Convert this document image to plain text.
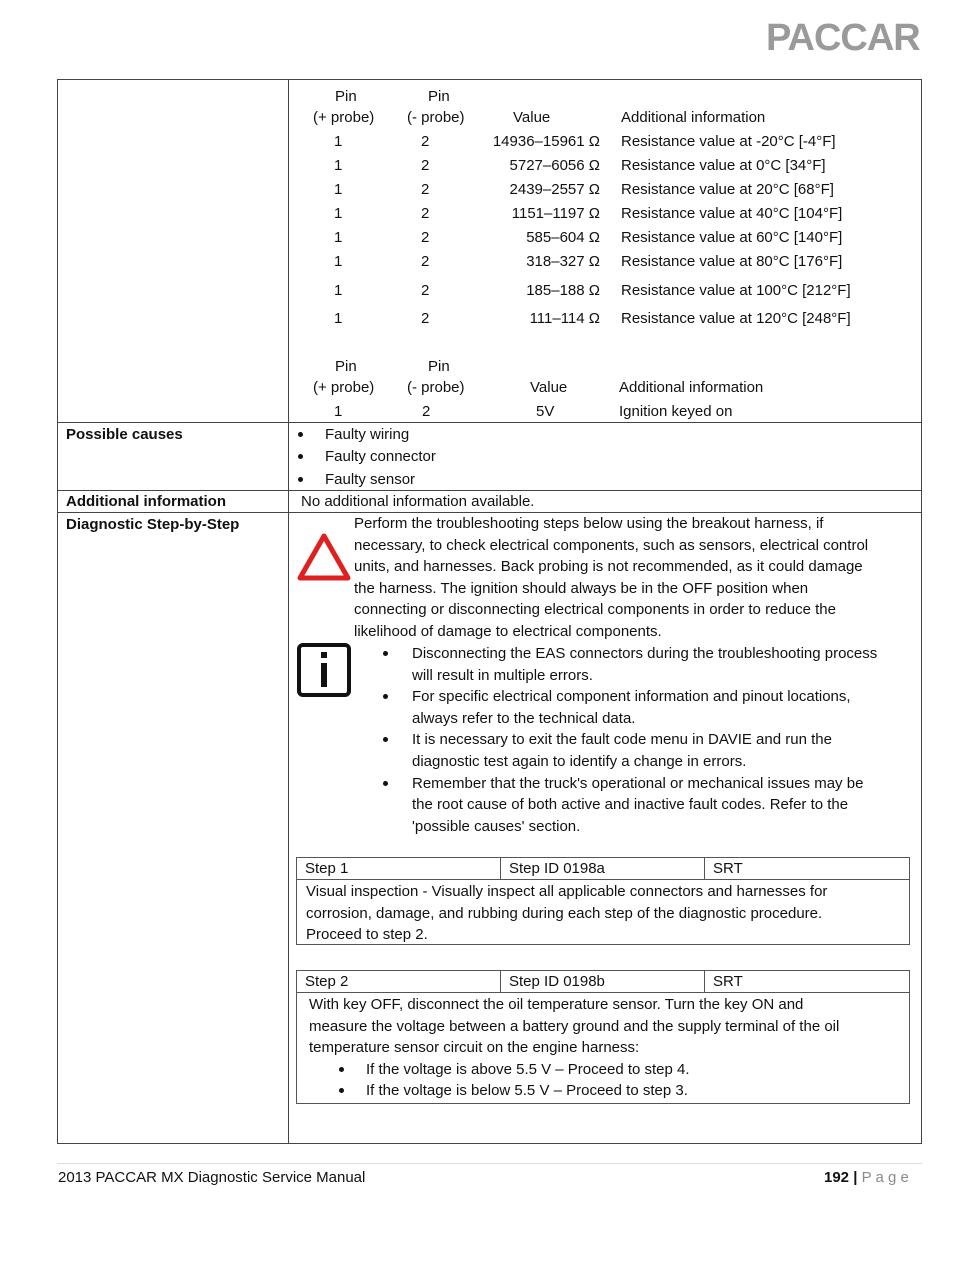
PACCAR
Pin	Pin
(+ probe) (- probe)	Value	Additional information
1	2	14936–15961 Ω Resistance value at -20°C [-4°F]
1	2	5727–6056 Ω Resistance value at 0°C [34°F]
1	2	2439–2557 Ω Resistance value at 20°C [68°F]
1	2	1151–1197 Ω Resistance value at 40°C [104°F]
1	2	585–604 Ω Resistance value at 60°C [140°F]
1	2	318–327 Ω Resistance value at 80°C [176°F]
1	2	185–188 Ω Resistance value at 100°C [212°F]
1	2	111–114 Ω Resistance value at 120°C [248°F]
Pin	Pin
(+ probe) (- probe)	Value	Additional information
1	2	5V	Ignition keyed on
Possible causes	Faulty wiring
Faulty connector
Faulty sensor
Additional information	No additional information available.
Diagnostic Step-by-Step	Perform the troubleshooting steps below using the breakout harness, if
necessary, to check electrical components, such as sensors, electrical control
units, and harnesses. Back probing is not recommended, as it could damage
the harness. The ignition should always be in the OFF position when
connecting or disconnecting electrical components in order to reduce the
likelihood of damage to electrical components.
Disconnecting the EAS connectors during the troubleshooting process
will result in multiple errors.
For specific electrical component information and pinout locations,
always refer to the technical data.
It is necessary to exit the fault code menu in DAVIE and run the
diagnostic test again to identify a change in errors.
Remember that the truck's operational or mechanical issues may be
the root cause of both active and inactive fault codes. Refer to the
'possible causes' section.
Step 1	Step ID 0198a	SRT
Visual inspection - Visually inspect all applicable connectors and harnesses for
corrosion, damage, and rubbing during each step of the diagnostic procedure.
Proceed to step 2.
Step 2	Step ID 0198b	SRT
With key OFF, disconnect the oil temperature sensor. Turn the key ON and
measure the voltage between a battery ground and the supply terminal of the oil
temperature sensor circuit on the engine harness:
If the voltage is above 5.5 V – Proceed to step 4.
If the voltage is below 5.5 V – Proceed to step 3.
2013 PACCAR MX Diagnostic Service Manual	192 | P a g e
